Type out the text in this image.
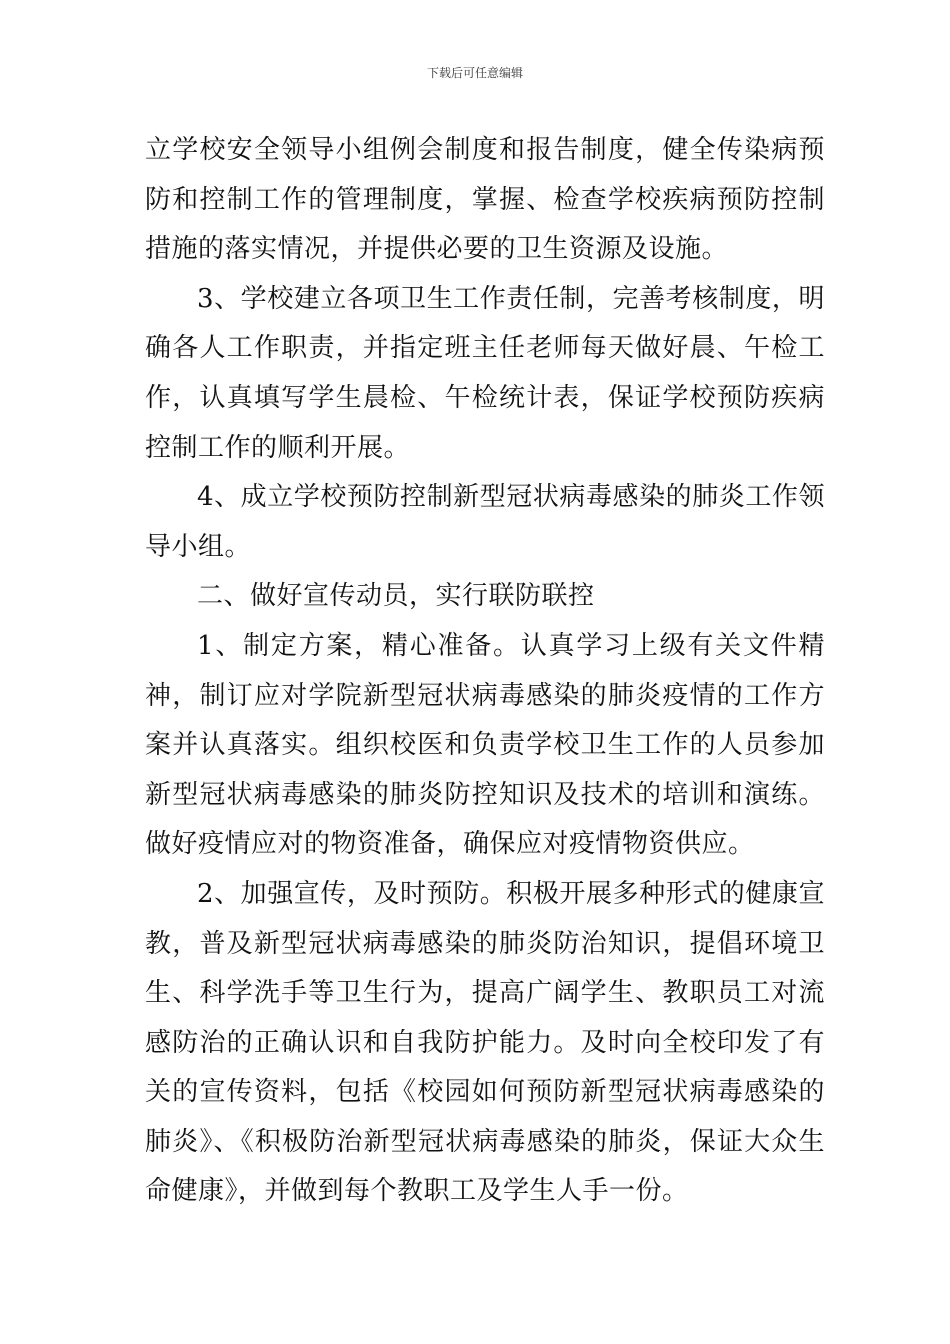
下载后可任意编辑

立学校安全领导小组例会制度和报告制度，健全传染病预防和控制工作的管理制度，掌握、检查学校疾病预防控制措施的落实情况，并提供必要的卫生资源及设施。

3、学校建立各项卫生工作责任制，完善考核制度，明确各人工作职责，并指定班主任老师每天做好晨、午检工作，认真填写学生晨检、午检统计表，保证学校预防疾病控制工作的顺利开展。

4、成立学校预防控制新型冠状病毒感染的肺炎工作领导小组。

二、做好宣传动员，实行联防联控

1、制定方案，精心准备。认真学习上级有关文件精神，制订应对学院新型冠状病毒感染的肺炎疫情的工作方案并认真落实。组织校医和负责学校卫生工作的人员参加新型冠状病毒感染的肺炎防控知识及技术的培训和演练。做好疫情应对的物资准备，确保应对疫情物资供应。

2、加强宣传，及时预防。积极开展多种形式的健康宣教，普及新型冠状病毒感染的肺炎防治知识，提倡环境卫生、科学洗手等卫生行为，提高广阔学生、教职员工对流感防治的正确认识和自我防护能力。及时向全校印发了有关的宣传资料，包括《校园如何预防新型冠状病毒感染的肺炎》、《积极防治新型冠状病毒感染的肺炎，保证大众生命健康》，并做到每个教职工及学生人手一份。
